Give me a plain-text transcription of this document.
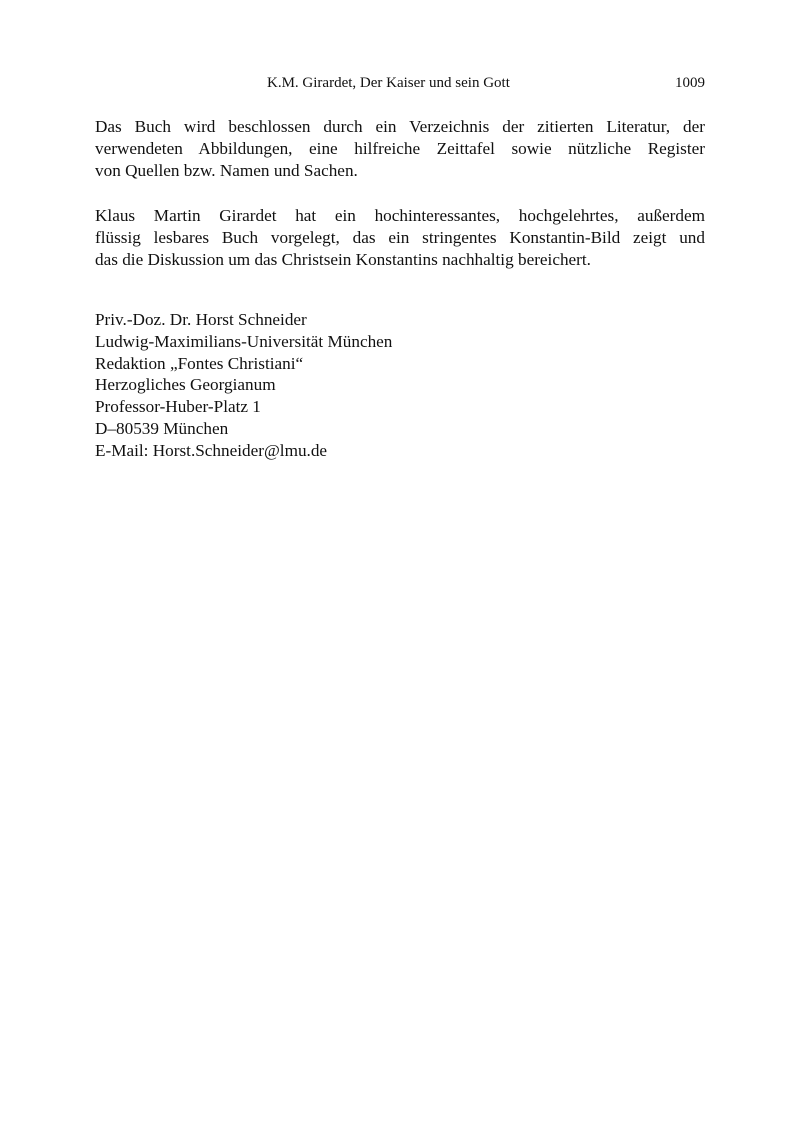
K.M. Girardet, Der Kaiser und sein Gott	1009

Das Buch wird beschlossen durch ein Verzeichnis der zitierten Literatur, der
verwendeten Abbildungen, eine hilfreiche Zeittafel sowie nützliche Register
von Quellen bzw. Namen und Sachen.

Klaus Martin Girardet hat ein hochinteressantes, hochgelehrtes, außerdem
flüssig lesbares Buch vorgelegt, das ein stringentes Konstantin-Bild zeigt und
das die Diskussion um das Christsein Konstantins nachhaltig bereichert.

Priv.-Doz. Dr. Horst Schneider
Ludwig-Maximilians-Universität München
Redaktion „Fontes Christiani“
Herzogliches Georgianum
Professor-Huber-Platz 1
D–80539 München
E-Mail: Horst.Schneider@lmu.de
